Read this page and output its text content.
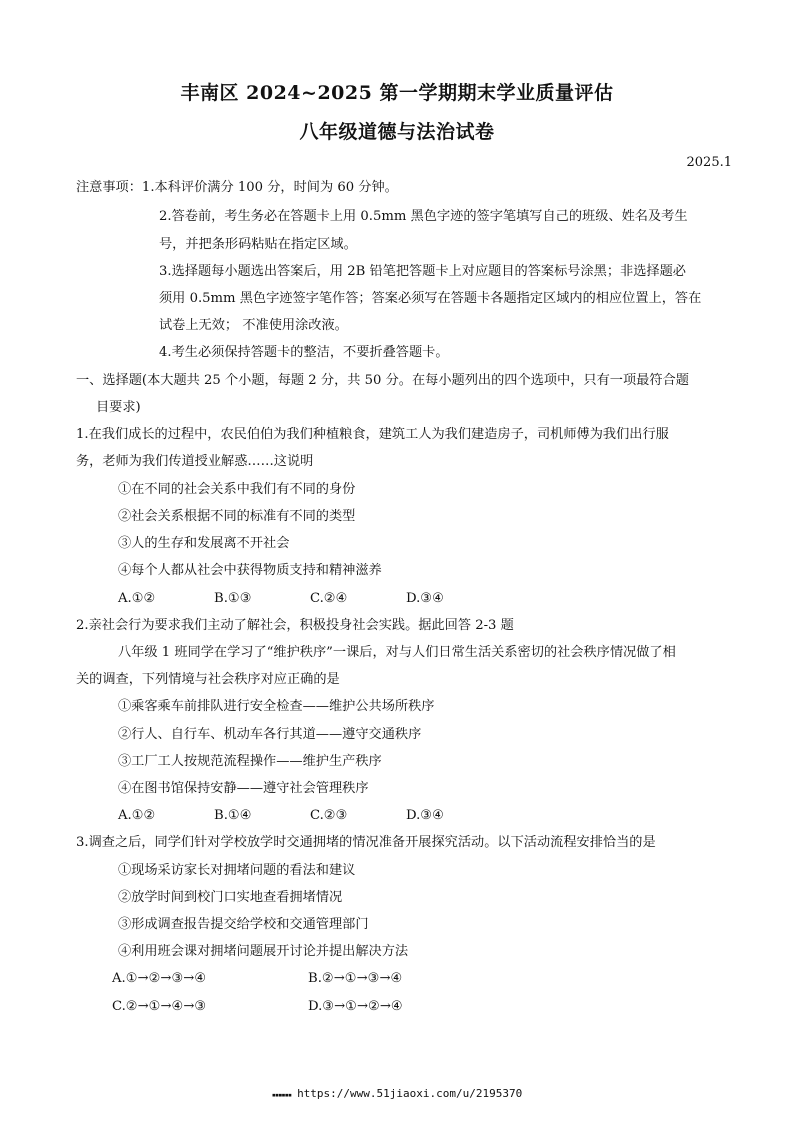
丰南区 2024~2025 第一学期期末学业质量评估
八年级道德与法治试卷
2025.1
注意事项：1.本科评价满分 100 分，时间为 60 分钟。
2.答卷前，考生务必在答题卡上用 0.5mm 黑色字迹的签字笔填写自己的班级、姓名及考生
号，并把条形码粘贴在指定区域。
3.选择题每小题选出答案后，用 2B 铅笔把答题卡上对应题目的答案标号涂黑；非选择题必
须用 0.5mm 黑色字迹签字笔作答；答案必须写在答题卡各题指定区域内的相应位置上，答在
试卷上无效； 不准使用涂改液。
4.考生必须保持答题卡的整洁，不要折叠答题卡。
一、选择题(本大题共 25 个小题，每题 2 分，共 50 分。在每小题列出的四个选项中，只有一项最符合题
目要求)
1.在我们成长的过程中，农民伯伯为我们种植粮食，建筑工人为我们建造房子，司机师傅为我们出行服
务，老师为我们传道授业解惑……这说明
①在不同的社会关系中我们有不同的身份
②社会关系根据不同的标准有不同的类型
③人的生存和发展离不开社会
④每个人都从社会中获得物质支持和精神滋养
A.①②	B.①③	C.②④	D.③④
2.亲社会行为要求我们主动了解社会，积极投身社会实践。据此回答 2-3 题
八年级 1 班同学在学习了“维护秩序”一课后，对与人们日常生活关系密切的社会秩序情况做了相
关的调查，下列情境与社会秩序对应正确的是
①乘客乘车前排队进行安全检查——维护公共场所秩序
②行人、自行车、机动车各行其道——遵守交通秩序
③工厂工人按规范流程操作——维护生产秩序
④在图书馆保持安静——遵守社会管理秩序
A.①②	B.①④	C.②③	D.③④
3.调查之后，同学们针对学校放学时交通拥堵的情况准备开展探究活动。以下活动流程安排恰当的是
①现场采访家长对拥堵问题的看法和建议
②放学时间到校门口实地查看拥堵情况
③形成调查报告提交给学校和交通管理部门
④利用班会课对拥堵问题展开讨论并提出解决方法
A.①→②→③→④	B.②→①→③→④
C.②→①→④→③	D.③→①→②→④
▪▪▪▪▪▪ https://www.51jiaoxi.com/u/2195370
